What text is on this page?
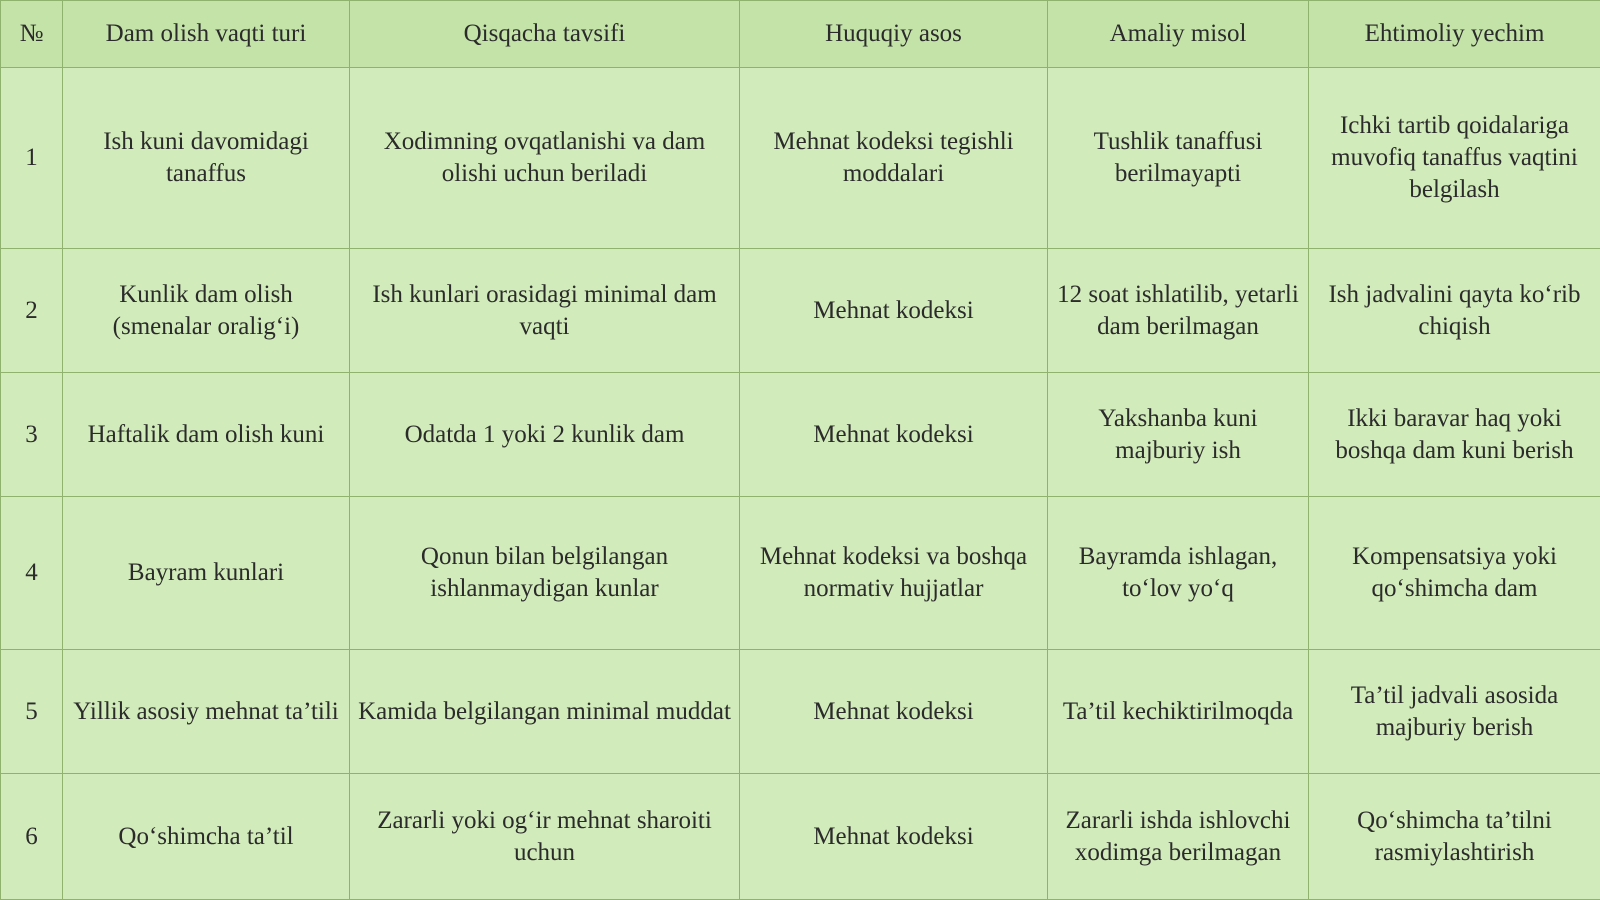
№	Dam olish vaqti turi	Qisqacha tavsifi	Huquqiy asos	Amaliy misol	Ehtimoliy yechim
1	Ish kuni davomidagi tanaffus	Xodimning ovqatlanishi va dam olishi uchun beriladi	Mehnat kodeksi tegishli moddalari	Tushlik tanaffusi berilmayapti	Ichki tartib qoidalariga muvofiq tanaffus vaqtini belgilash
2	Kunlik dam olish (smenalar oralig‘i)	Ish kunlari orasidagi minimal dam vaqti	Mehnat kodeksi	12 soat ishlatilib, yetarli dam berilmagan	Ish jadvalini qayta ko‘rib chiqish
3	Haftalik dam olish kuni	Odatda 1 yoki 2 kunlik dam	Mehnat kodeksi	Yakshanba kuni majburiy ish	Ikki baravar haq yoki boshqa dam kuni berish
4	Bayram kunlari	Qonun bilan belgilangan ishlanmaydigan kunlar	Mehnat kodeksi va boshqa normativ hujjatlar	Bayramda ishlagan, to‘lov yo‘q	Kompensatsiya yoki qo‘shimcha dam
5	Yillik asosiy mehnat ta’tili	Kamida belgilangan minimal muddat	Mehnat kodeksi	Ta’til kechiktirilmoqda	Ta’til jadvali asosida majburiy berish
6	Qo‘shimcha ta’til	Zararli yoki og‘ir mehnat sharoiti uchun	Mehnat kodeksi	Zararli ishda ishlovchi xodimga berilmagan	Qo‘shimcha ta’tilni rasmiylashtirish
